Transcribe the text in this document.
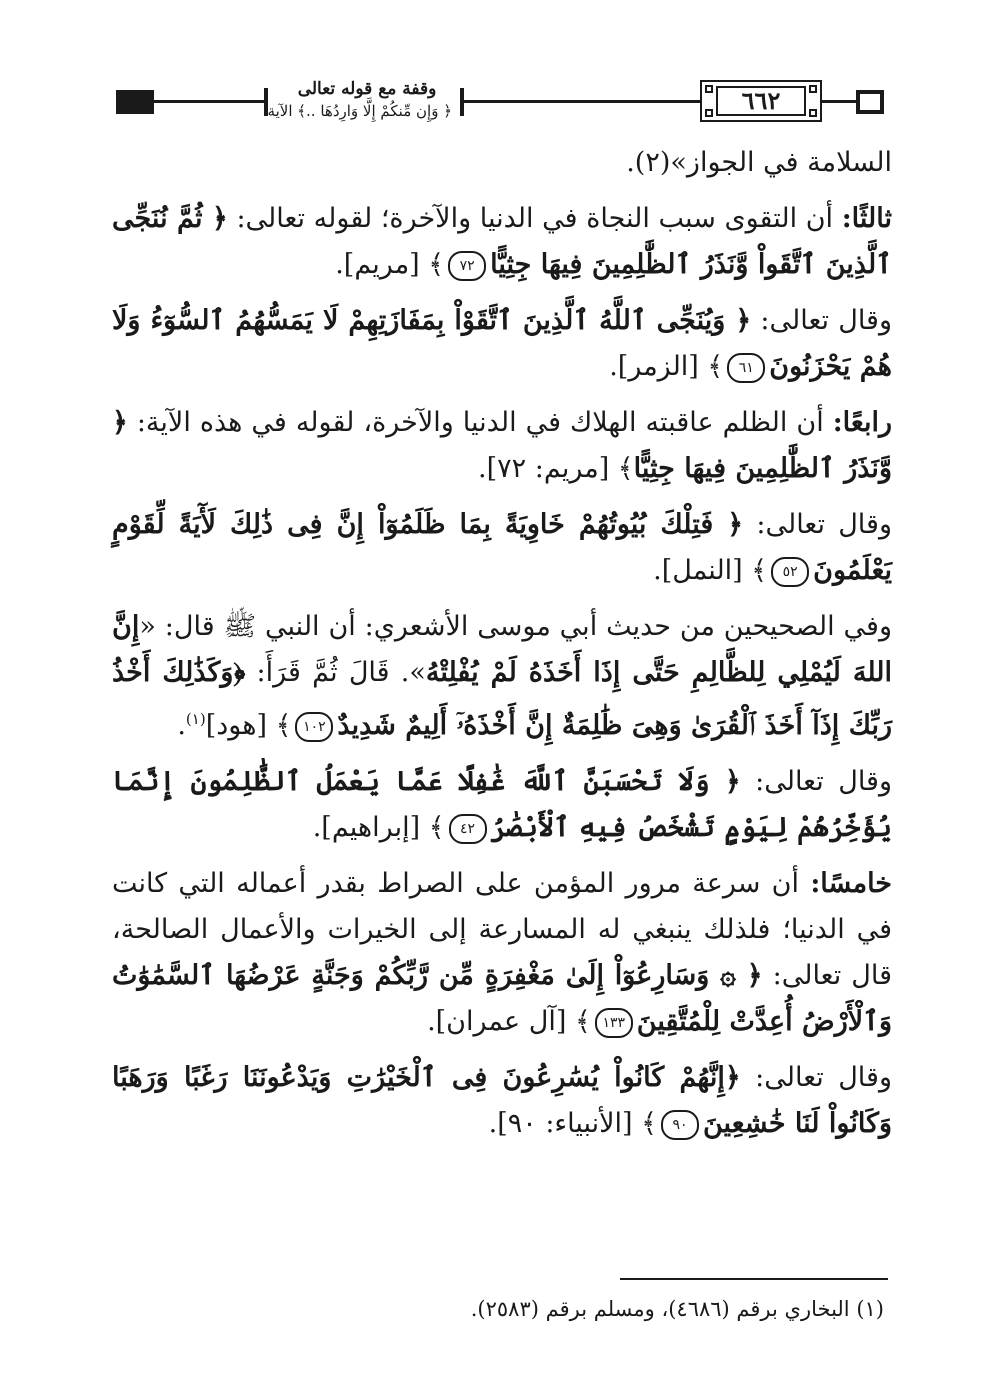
وقفة مع قوله تعالى
﴿ وَإِن مِّنكُمْ إِلَّا وَارِدُهَا ..﴾ الآية	٦٦٢

السلامة في الجواز»(٢).

ثالثًا: أن التقوى سبب النجاة في الدنيا والآخرة؛ لقوله تعالى: ﴿ ثُمَّ نُنَجِّى ٱلَّذِينَ ٱتَّقَواْ وَّنَذَرُ ٱلظَّٰلِمِينَ فِيهَا جِثِيًّا٧٢﴾ [مريم].

وقال تعالى: ﴿ وَيُنَجِّى ٱللَّهُ ٱلَّذِينَ ٱتَّقَوْاْ بِمَفَازَتِهِمْ لَا يَمَسُّهُمُ ٱلسُّوٓءُ وَلَا هُمْ يَحْزَنُونَ٦١﴾ [الزمر].

رابعًا: أن الظلم عاقبته الهلاك في الدنيا والآخرة، لقوله في هذه الآية: ﴿ وَّنَذَرُ ٱلظَّٰلِمِينَ فِيهَا جِثِيًّا﴾ [مريم: ٧٢].

وقال تعالى: ﴿ فَتِلْكَ بُيُوتُهُمْ خَاوِيَةً بِمَا ظَلَمُوٓاْ إِنَّ فِى ذَٰلِكَ لَأٓيَةً لِّقَوْمٍ يَعْلَمُونَ٥٢﴾ [النمل].

وفي الصحيحين من حديث أبي موسى الأشعري: أن النبي ﷺ قال: «إِنَّ اللهَ لَيُمْلِي لِلظَّالِمِ حَتَّى إِذَا أَخَذَهُ لَمْ يُفْلِتْهُ». قَالَ ثُمَّ قَرَأَ: ﴿وَكَذَٰلِكَ أَخْذُ رَبِّكَ إِذَآ أَخَذَ ٱلْقُرَىٰ وَهِىَ ظَٰلِمَةٌ إِنَّ أَخْذَهُۥٓ أَلِيمٌ شَدِيدٌ١٠٢﴾ [هود]$^{(١)}$.

وقال تعالى: ﴿ وَلَا تَحْسَبَنَّ ٱللَّهَ غَٰفِلًا عَمَّا يَعْمَلُ ٱلظَّٰلِمُونَ إِنَّمَا يُؤَخِّرُهُمْ لِيَوْمٍ تَشْخَصُ فِيهِ ٱلْأَبْصَٰرُ٤٢﴾ [إبراهيم].

خامسًا: أن سرعة مرور المؤمن على الصراط بقدر أعماله التي كانت في الدنيا؛ فلذلك ينبغي له المسارعة إلى الخيرات والأعمال الصالحة، قال تعالى: ﴿ ۞ وَسَارِعُوٓاْ إِلَىٰ مَغْفِرَةٍ مِّن رَّبِّكُمْ وَجَنَّةٍ عَرْضُهَا ٱلسَّمَٰوَٰتُ وَٱلْأَرْضُ أُعِدَّتْ لِلْمُتَّقِينَ١٣٣﴾ [آل عمران].

وقال تعالى: ﴿إِنَّهُمْ كَانُواْ يُسَٰرِعُونَ فِى ٱلْخَيْرَٰتِ وَيَدْعُونَنَا رَغَبًا وَرَهَبًا وَكَانُواْ لَنَا خَٰشِعِينَ٩٠﴾ [الأنبياء: ٩٠].

(١) البخاري برقم (٤٦٨٦)، ومسلم برقم (٢٥٨٣).
